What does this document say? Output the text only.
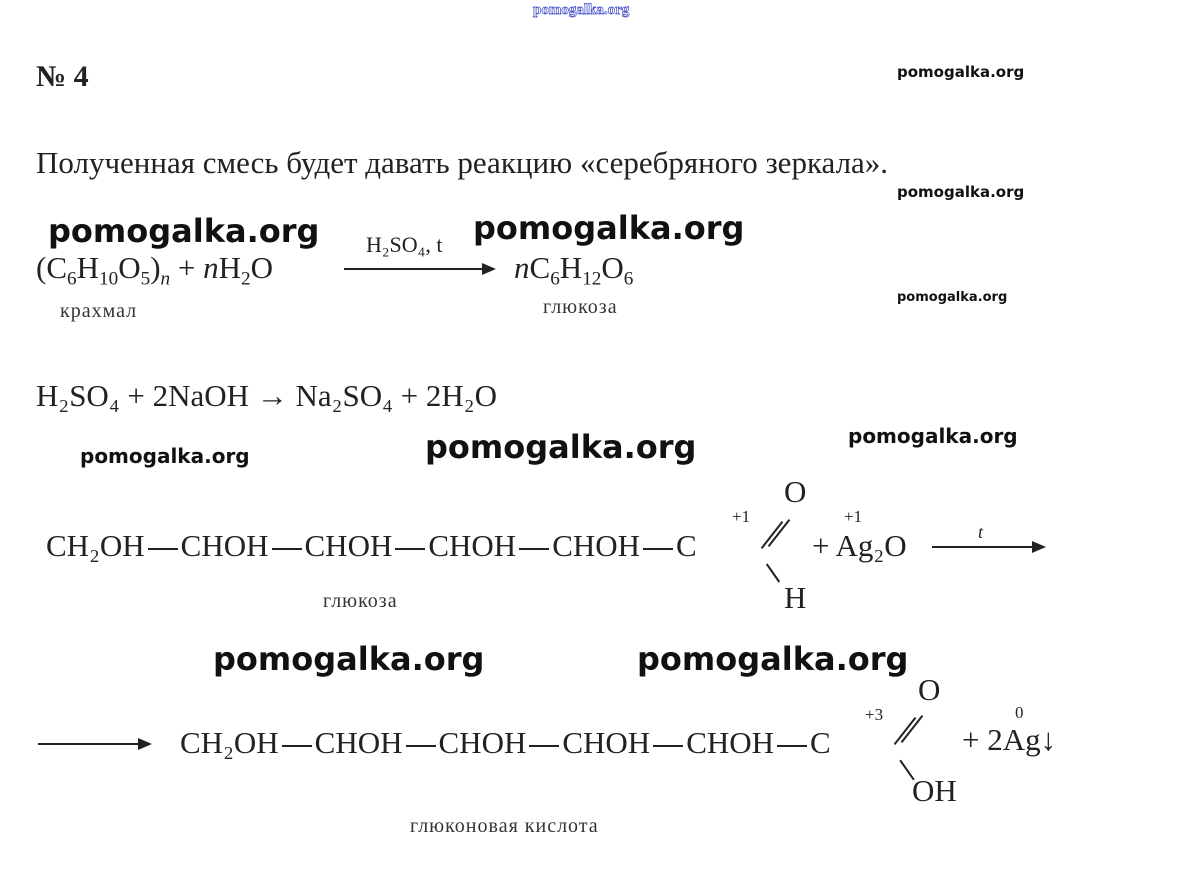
pomogalka.org
№ 4	pomogalka.org
Полученная смесь будет давать реакцию «серебряного зеркала».
pomogalka.org
pomogalka.org	pomogalka.org
$(C_6H_{10}O_5)_n + nH_2O$
H₂SO₄, t
$nC_6H_{12}O_6$
крахмал	глюкоза	pomogalka.org
H₂SO₄ + 2NaOH → Na₂SO₄ + 2H₂O
pomogalka.org	pomogalka.org	pomogalka.org
CH₂OH CHOH CHOH CHOH CHOH C
+1
O
H
+1
+ Ag₂O	t
глюкоза
pomogalka.org	pomogalka.org
CH₂OH CHOH CHOH CHOH CHOH C
+3
O
OH
0
+ 2Ag↓
глюконовая кислота
